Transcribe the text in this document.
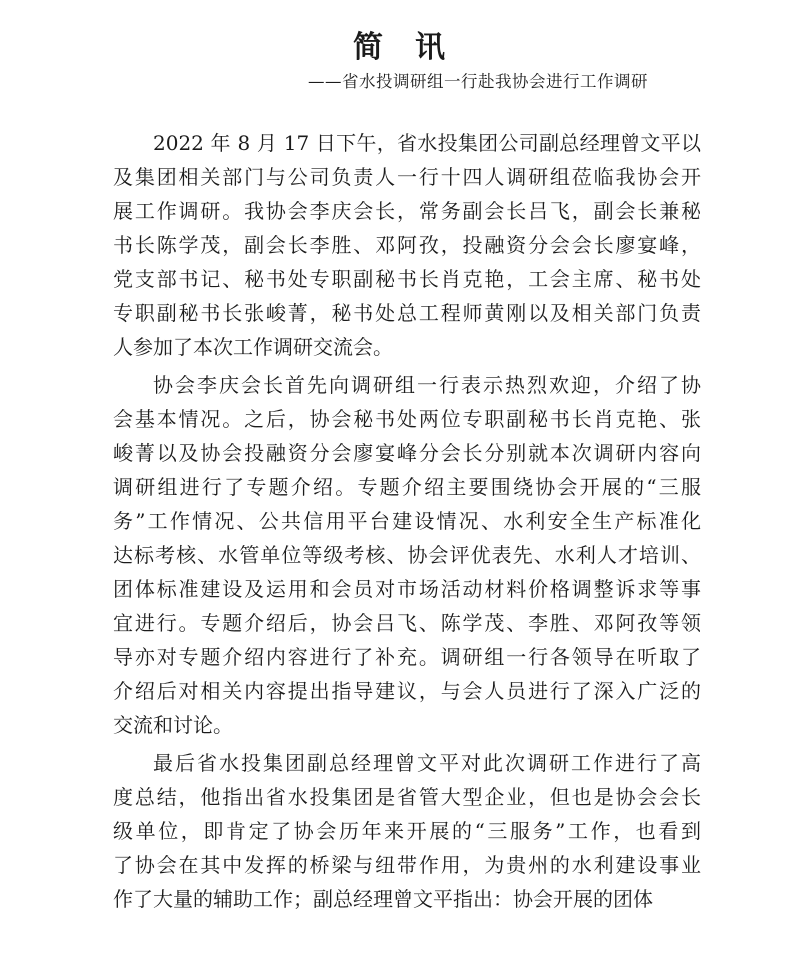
简 讯
——省水投调研组一行赴我协会进行工作调研
2022 年 8 月 17 日下午，省水投集团公司副总经理曾文平以
及集团相关部门与公司负责人一行十四人调研组莅临我协会开
展工作调研。我协会李庆会长，常务副会长吕飞，副会长兼秘
书长陈学茂，副会长李胜、邓阿孜，投融资分会会长廖宴峰，
党支部书记、秘书处专职副秘书长肖克艳，工会主席、秘书处
专职副秘书长张峻菁，秘书处总工程师黄刚以及相关部门负责
人参加了本次工作调研交流会。
协会李庆会长首先向调研组一行表示热烈欢迎，介绍了协
会基本情况。之后，协会秘书处两位专职副秘书长肖克艳、张
峻菁以及协会投融资分会廖宴峰分会长分别就本次调研内容向
调研组进行了专题介绍。专题介绍主要围绕协会开展的“三服
务”工作情况、公共信用平台建设情况、水利安全生产标准化
达标考核、水管单位等级考核、协会评优表先、水利人才培训、
团体标准建设及运用和会员对市场活动材料价格调整诉求等事
宜进行。专题介绍后，协会吕飞、陈学茂、李胜、邓阿孜等领
导亦对专题介绍内容进行了补充。调研组一行各领导在听取了
介绍后对相关内容提出指导建议，与会人员进行了深入广泛的
交流和讨论。
最后省水投集团副总经理曾文平对此次调研工作进行了高
度总结，他指出省水投集团是省管大型企业，但也是协会会长
级单位，即肯定了协会历年来开展的“三服务”工作，也看到
了协会在其中发挥的桥梁与纽带作用，为贵州的水利建设事业
作了大量的辅助工作；副总经理曾文平指出：协会开展的团体
